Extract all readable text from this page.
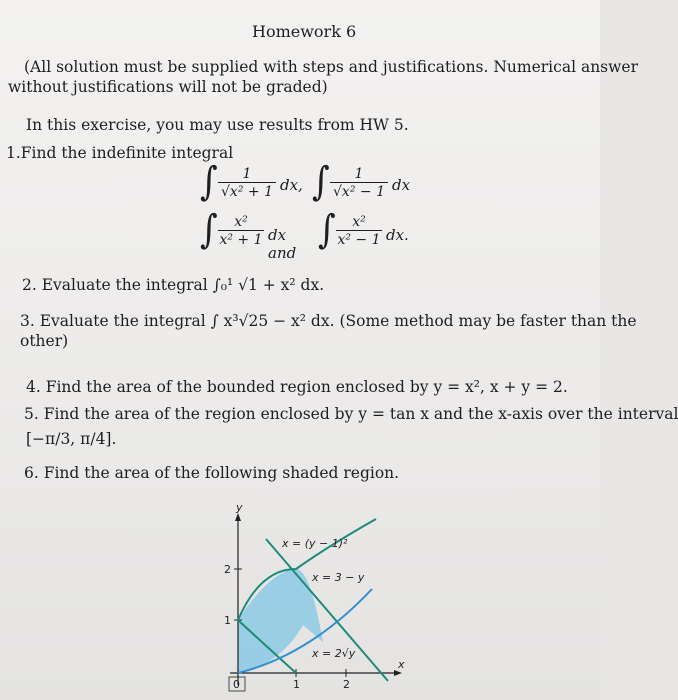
Homework 6
(All solution must be supplied with steps and justifications. Numerical answer
without justifications will not be graded)
In this exercise, you may use results from HW 5.
1.Find the indefinite integral
∫ $\frac{1}{\text{√x² + 1}}$ dx, ∫ $\frac{1}{\text{√x² − 1}}$ dx
∫ $\frac{\text{x²}}{\text{x² + 1}}$ dx and ∫ $\frac{\text{x²}}{\text{x² − 1}}$ dx.
2. Evaluate the integral ∫₀¹ √1 + x² dx.
3. Evaluate the integral ∫ x³√25 − x² dx. (Some method may be faster than the
other)
4. Find the area of the bounded region enclosed by y = x², x + y = 2.
5. Find the area of the region enclosed by y = tan x and the x-axis over the interval
[−π/3, π/4].
6. Find the area of the following shaded region.
x = (y − 1)²
x = 3 − y
x = 2√y
x
y
0	1	2
1
2
